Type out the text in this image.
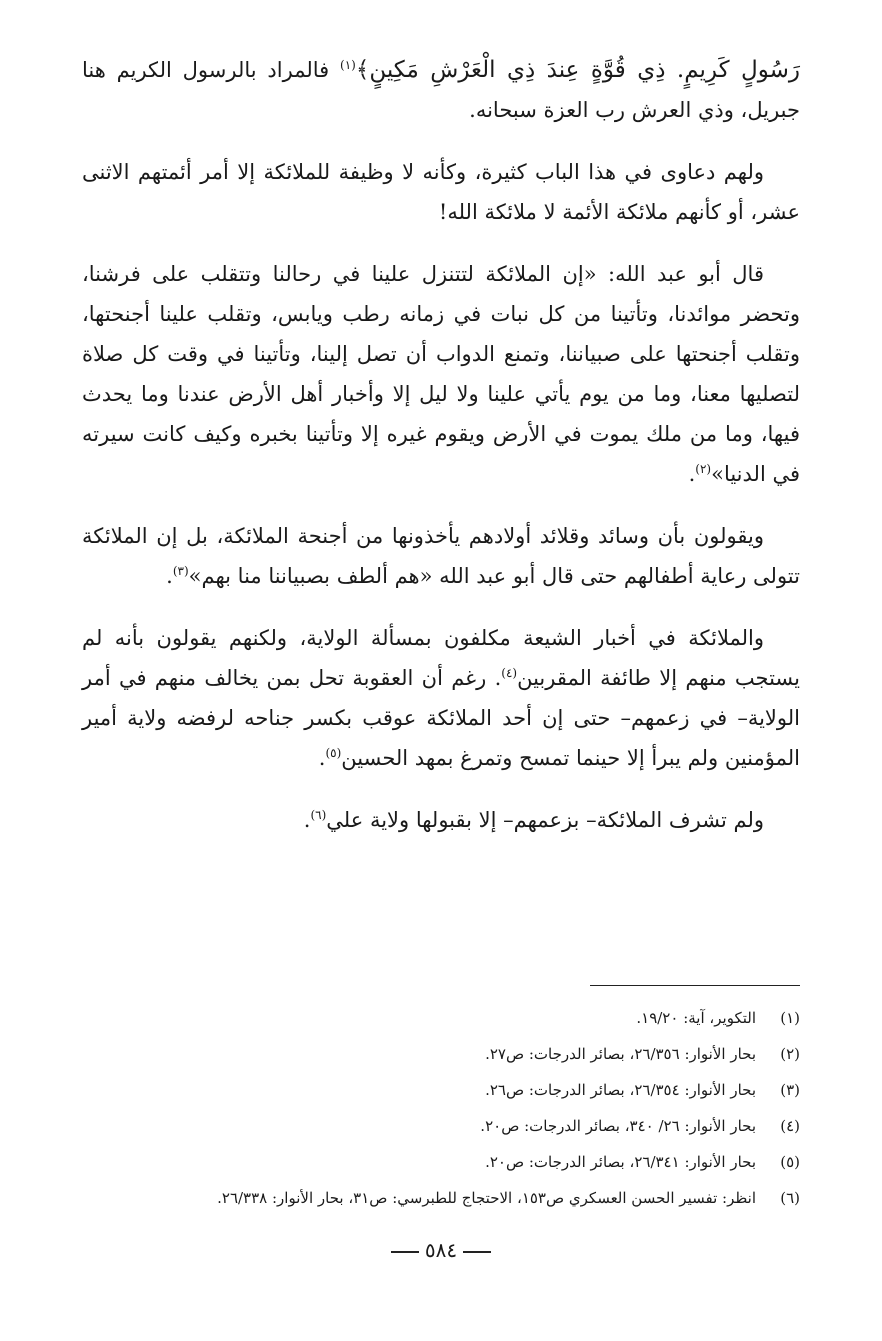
رَسُولٍ كَرِيمٍ. ذِي قُوَّةٍ عِندَ ذِي الْعَرْشِ مَكِينٍ﴾$^{(١)}$ فالمراد بالرسول الكريم هنا جبريل، وذي العرش رب العزة سبحانه.

ولهم دعاوى في هذا الباب كثيرة، وكأنه لا وظيفة للملائكة إلا أمر أئمتهم الاثنى عشر، أو كأنهم ملائكة الأئمة لا ملائكة الله!

قال أبو عبد الله: «إن الملائكة لتتنزل علينا في رحالنا وتتقلب على فرشنا، وتحضر موائدنا، وتأتينا من كل نبات في زمانه رطب ويابس، وتقلب علينا أجنحتها، وتقلب أجنحتها على صبياننا، وتمنع الدواب أن تصل إلينا، وتأتينا في وقت كل صلاة لتصليها معنا، وما من يوم يأتي علينا ولا ليل إلا وأخبار أهل الأرض عندنا وما يحدث فيها، وما من ملك يموت في الأرض ويقوم غيره إلا وتأتينا بخبره وكيف كانت سيرته في الدنيا»$^{(٢)}$.

ويقولون بأن وسائد وقلائد أولادهم يأخذونها من أجنحة الملائكة، بل إن الملائكة تتولى رعاية أطفالهم حتى قال أبو عبد الله «هم ألطف بصبياننا منا بهم»$^{(٣)}$.

والملائكة في أخبار الشيعة مكلفون بمسألة الولاية، ولكنهم يقولون بأنه لم يستجب منهم إلا طائفة المقربين$^{(٤)}$. رغم أن العقوبة تحل بمن يخالف منهم في أمر الولاية– في زعمهم– حتى إن أحد الملائكة عوقب بكسر جناحه لرفضه ولاية أمير المؤمنين ولم يبرأ إلا حينما تمسح وتمرغ بمهد الحسين$^{(٥)}$.

ولم تشرف الملائكة– بزعمهم– إلا بقبولها ولاية علي$^{(٦)}$.

(١)
التكوير، آية: ١٩/٢٠.
(٢)
بحار الأنوار: ٢٦/٣٥٦، بصائر الدرجات: ص٢٧.
(٣)
بحار الأنوار: ٢٦/٣٥٤، بصائر الدرجات: ص٢٦.
(٤)
بحار الأنوار: ٢٦/ ٣٤٠، بصائر الدرجات: ص٢٠.
(٥)
بحار الأنوار: ٢٦/٣٤١، بصائر الدرجات: ص٢٠.
(٦)
انظر: تفسير الحسن العسكري ص١٥٣، الاحتجاج للطبرسي: ص٣١، بحار الأنوار: ٢٦/٣٣٨.
٥٨٤
